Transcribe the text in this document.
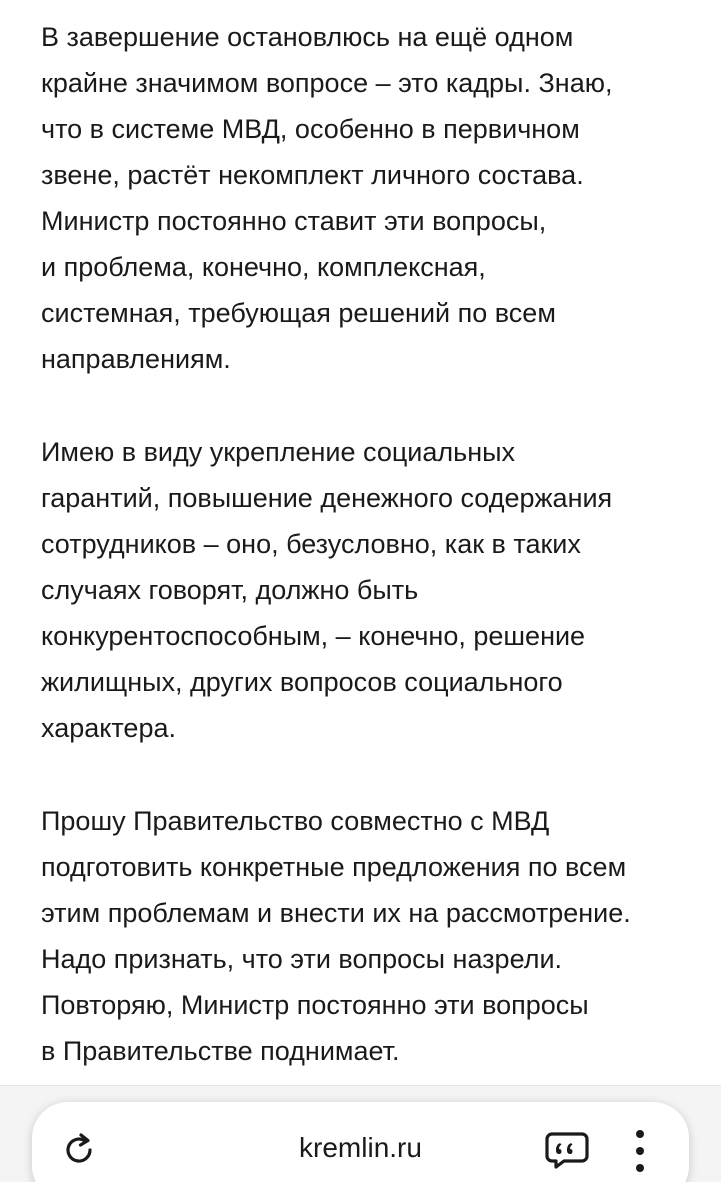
В завершение остановлюсь на ещё одном
крайне значимом вопросе – это кадры. Знаю,
что в системе МВД, особенно в первичном
звене, растёт некомплект личного состава.
Министр постоянно ставит эти вопросы,
и проблема, конечно, комплексная,
системная, требующая решений по всем
направлениям.

Имею в виду укрепление социальных
гарантий, повышение денежного содержания
сотрудников – оно, безусловно, как в таких
случаях говорят, должно быть
конкурентоспособным, – конечно, решение
жилищных, других вопросов социального
характера.

Прошу Правительство совместно с МВД
подготовить конкретные предложения по всем
этим проблемам и внести их на рассмотрение.
Надо признать, что эти вопросы назрели.
Повторяю, Министр постоянно эти вопросы
в Правительстве поднимает.

kremlin.ru
